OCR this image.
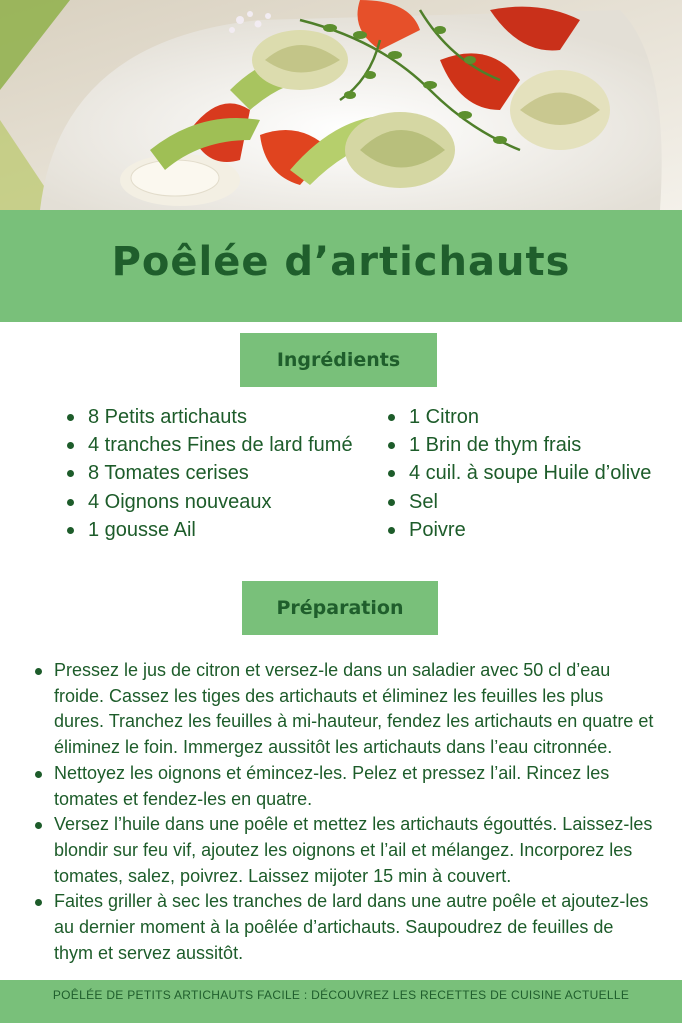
Poêlée d’artichauts
Ingrédients
8 Petits artichauts
4 tranches Fines de lard fumé
8 Tomates cerises
4 Oignons nouveaux
1 gousse Ail
1 Citron
1 Brin de thym frais
4 cuil. à soupe Huile d’olive
Sel
Poivre
Préparation
Pressez le jus de citron et versez-le dans un saladier avec 50 cl d’eau froide. Cassez les tiges des artichauts et éliminez les feuilles les plus dures. Tranchez les feuilles à mi-hauteur, fendez les artichauts en quatre et éliminez le foin. Immergez aussitôt les artichauts dans l’eau citronnée.
Nettoyez les oignons et émincez-les. Pelez et pressez l’ail. Rincez les tomates et fendez-les en quatre.
Versez l’huile dans une poêle et mettez les artichauts égouttés. Laissez-les blondir sur feu vif, ajoutez les oignons et l’ail et mélangez. Incorporez les tomates, salez, poivrez. Laissez mijoter 15 min à couvert.
Faites griller à sec les tranches de lard dans une autre poêle et ajoutez-les au dernier moment à la poêlée d’artichauts. Saupoudrez de feuilles de thym et servez aussitôt.
POÊLÉE DE PETITS ARTICHAUTS FACILE : DÉCOUVREZ LES RECETTES DE CUISINE ACTUELLE
